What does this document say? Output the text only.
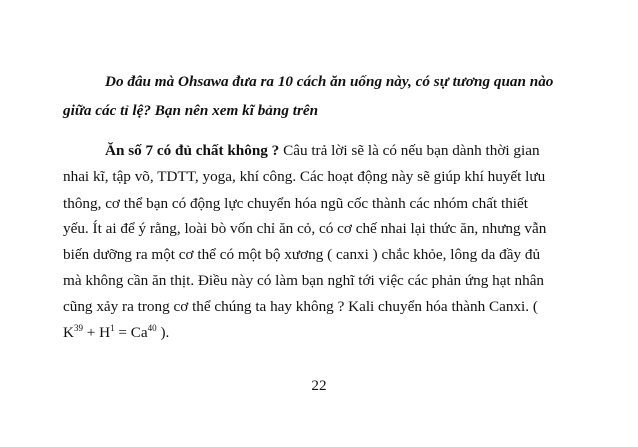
Do đâu mà Ohsawa đưa ra 10 cách ăn uống này, có sự tương quan nào
giữa các tỉ lệ? Bạn nên xem kĩ bảng trên
Ăn số 7 có đủ chất không ? Câu trả lời sẽ là có nếu bạn dành thời gian
nhai kĩ, tập võ, TDTT, yoga, khí công. Các hoạt động này sẽ giúp khí huyết lưu
thông, cơ thể bạn có động lực chuyển hóa ngũ cốc thành các nhóm chất thiết
yếu. Ít ai để ý rằng, loài bò vốn chỉ ăn cỏ, có cơ chế nhai lại thức ăn, nhưng vẫn
biến dưỡng ra một cơ thể có một bộ xương ( canxi ) chắc khỏe, lông da đầy đủ
mà không cần ăn thịt. Điều này có làm bạn nghĩ tới việc các phản ứng hạt nhân
cũng xảy ra trong cơ thể chúng ta hay không ? Kali chuyển hóa thành Canxi. (
$K^{39} + H^1 = Ca^{40}$ ).
22
